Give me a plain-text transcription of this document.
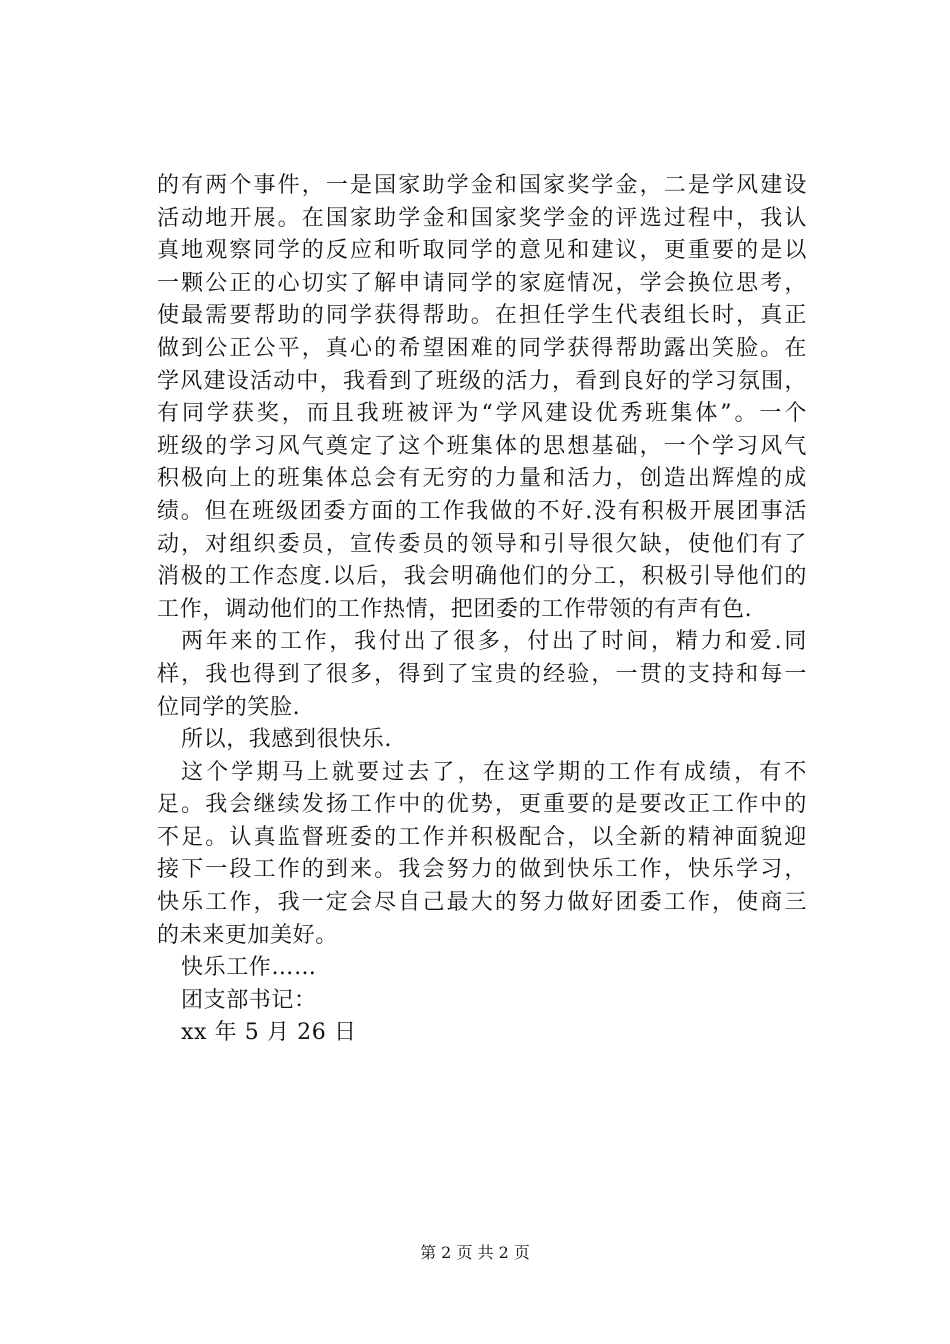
的有两个事件，一是国家助学金和国家奖学金，二是学风建设
活动地开展。在国家助学金和国家奖学金的评选过程中，我认
真地观察同学的反应和听取同学的意见和建议，更重要的是以
一颗公正的心切实了解申请同学的家庭情况，学会换位思考，
使最需要帮助的同学获得帮助。在担任学生代表组长时，真正
做到公正公平，真心的希望困难的同学获得帮助露出笑脸。在
学风建设活动中，我看到了班级的活力，看到良好的学习氛围，
有同学获奖，而且我班被评为“学风建设优秀班集体”。一个
班级的学习风气奠定了这个班集体的思想基础，一个学习风气
积极向上的班集体总会有无穷的力量和活力，创造出辉煌的成
绩。但在班级团委方面的工作我做的不好.没有积极开展团事活
动，对组织委员，宣传委员的领导和引导很欠缺，使他们有了
消极的工作态度.以后，我会明确他们的分工，积极引导他们的
工作，调动他们的工作热情，把团委的工作带领的有声有色.
两年来的工作，我付出了很多，付出了时间，精力和爱.同
样，我也得到了很多，得到了宝贵的经验，一贯的支持和每一
位同学的笑脸.
所以，我感到很快乐.
这个学期马上就要过去了，在这学期的工作有成绩，有不
足。我会继续发扬工作中的优势，更重要的是要改正工作中的
不足。认真监督班委的工作并积极配合，以全新的精神面貌迎
接下一段工作的到来。我会努力的做到快乐工作，快乐学习，
快乐工作，我一定会尽自己最大的努力做好团委工作，使商三
的未来更加美好。
快乐工作……
团支部书记：
xx 年 5 月 26 日
第 2 页 共 2 页
